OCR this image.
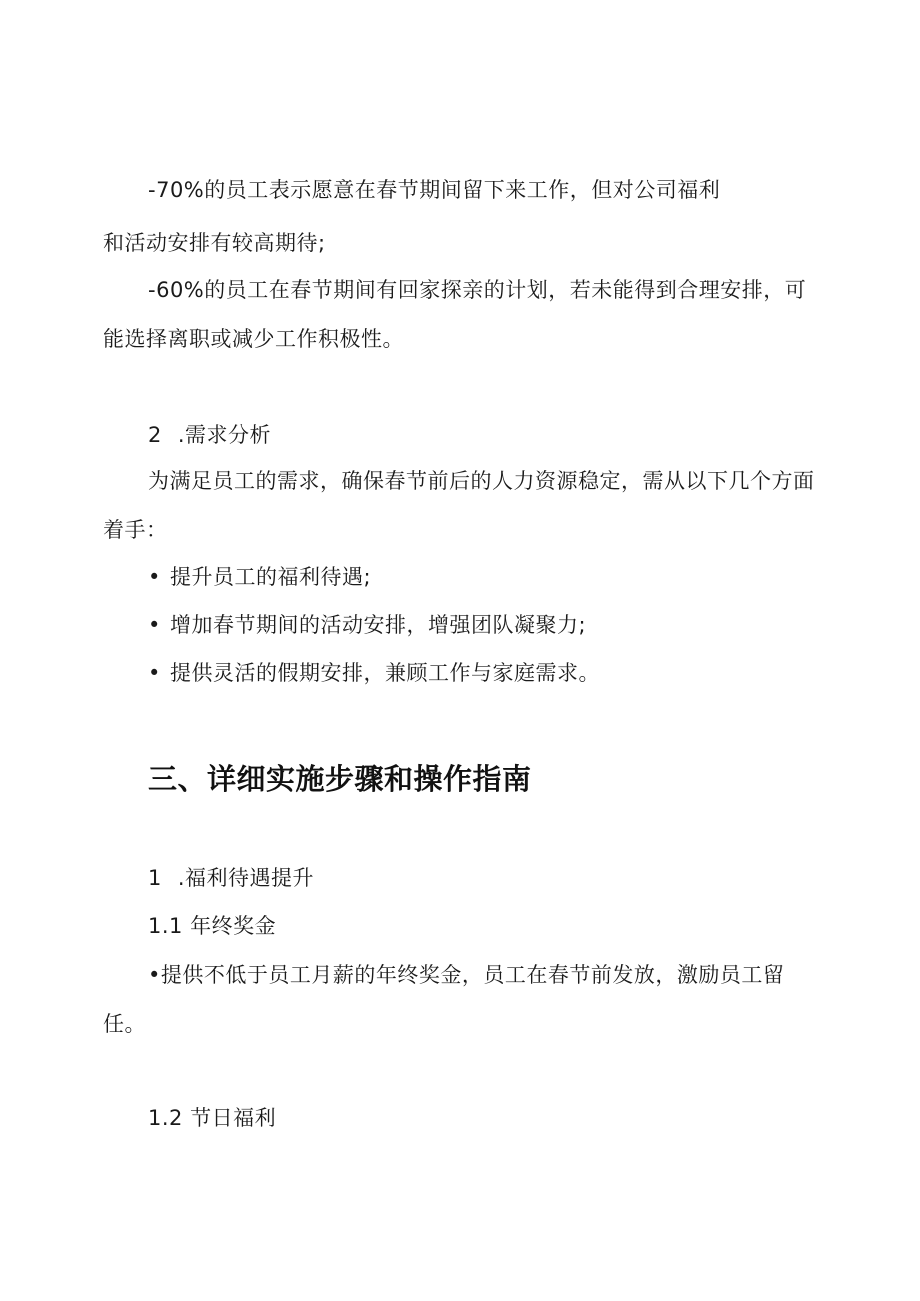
-70%的员工表示愿意在春节期间留下来工作，但对公司福利
和活动安排有较高期待;
-60%的员工在春节期间有回家探亲的计划，若未能得到合理安排，可
能选择离职或减少工作积极性。
2 .需求分析
为满足员工的需求，确保春节前后的人力资源稳定，需从以下几个方面
着手：
• 提升员工的福利待遇;
• 增加春节期间的活动安排，增强团队凝聚力;
• 提供灵活的假期安排，兼顾工作与家庭需求。
三、详细实施步骤和操作指南
1 .福利待遇提升
1.1 年终奖金
•提供不低于员工月薪的年终奖金，员工在春节前发放，激励员工留
任。
1.2 节日福利
